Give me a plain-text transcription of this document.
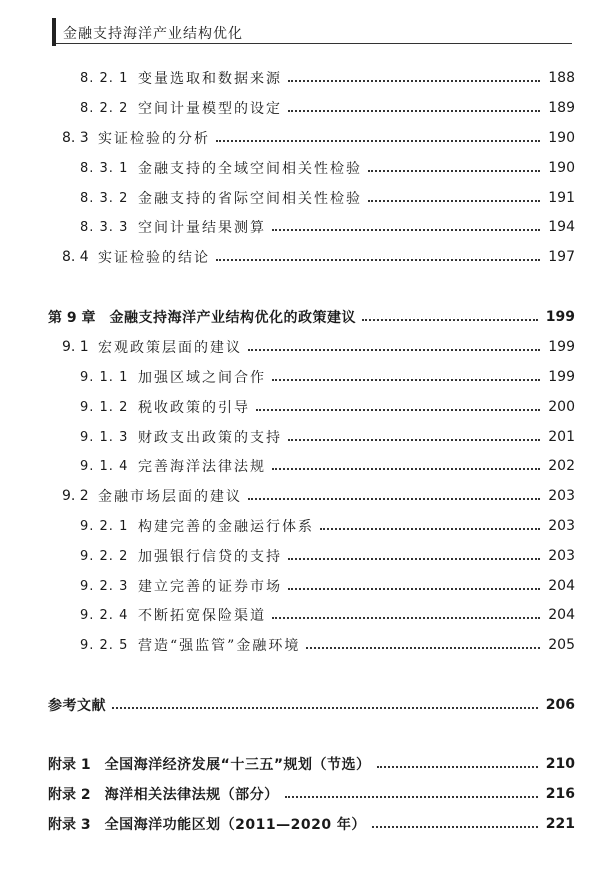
金融支持海洋产业结构优化
8. 2. 1 变量选取和数据来源	188
8. 2. 2 空间计量模型的设定	189
8. 3 实证检验的分析	190
8. 3. 1 金融支持的全域空间相关性检验	190
8. 3. 2 金融支持的省际空间相关性检验	191
8. 3. 3 空间计量结果测算	194
8. 4 实证检验的结论	197
第 9 章 金融支持海洋产业结构优化的政策建议	199
9. 1 宏观政策层面的建议	199
9. 1. 1 加强区域之间合作	199
9. 1. 2 税收政策的引导	200
9. 1. 3 财政支出政策的支持	201
9. 1. 4 完善海洋法律法规	202
9. 2 金融市场层面的建议	203
9. 2. 1 构建完善的金融运行体系	203
9. 2. 2 加强银行信贷的支持	203
9. 2. 3 建立完善的证券市场	204
9. 2. 4 不断拓宽保险渠道	204
9. 2. 5 营造“强监管”金融环境	205
参考文献	206
附录 1 全国海洋经济发展“十三五”规划（节选）	210
附录 2 海洋相关法律法规（部分）	216
附录 3 全国海洋功能区划（2011—2020 年）	221
